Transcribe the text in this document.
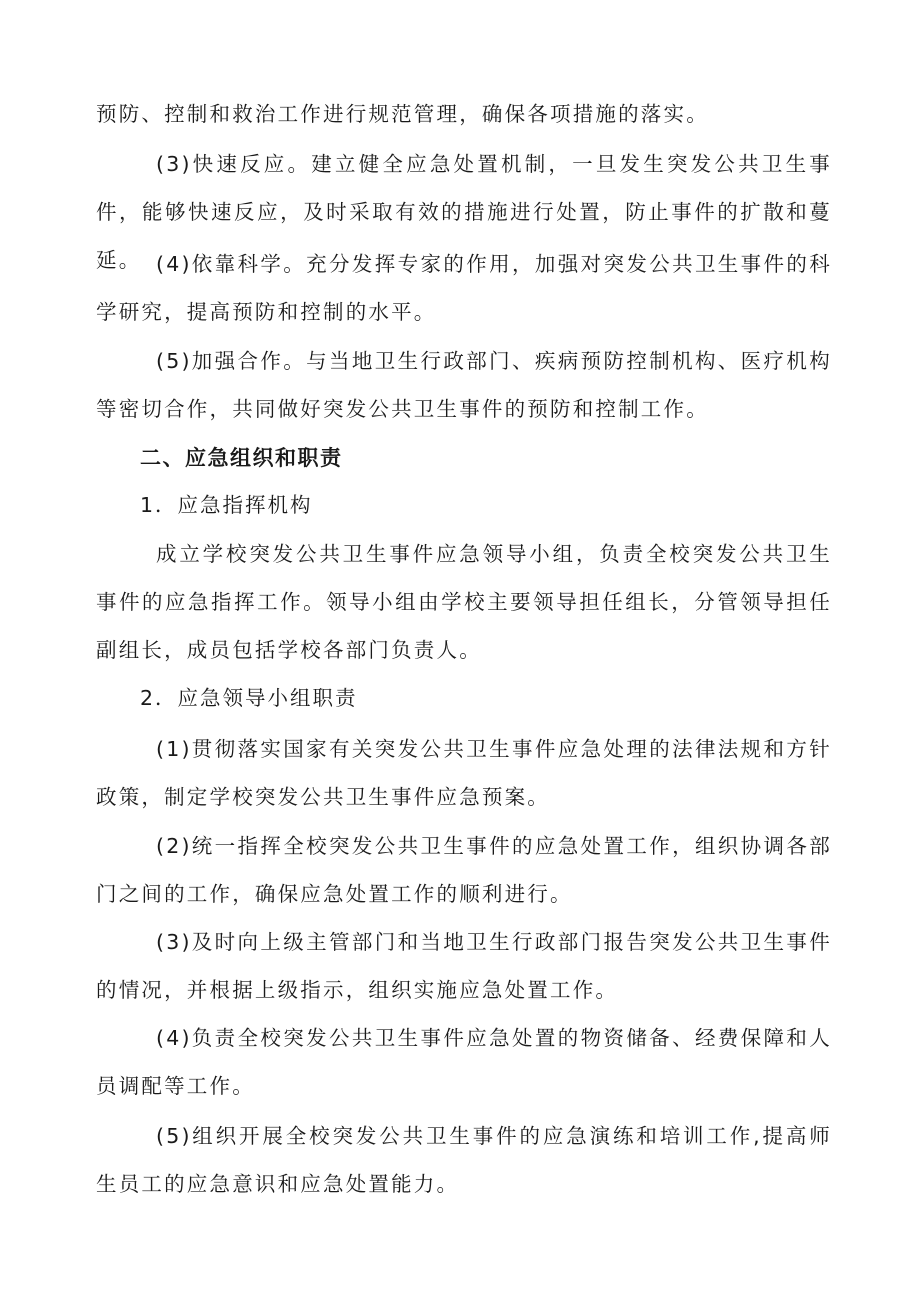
预防、控制和救治工作进行规范管理，确保各项措施的落实。

(3)快速反应。建立健全应急处置机制，一旦发生突发公共卫生事件，能够快速反应，及时采取有效的措施进行处置，防止事件的扩散和蔓延。 (4)依靠科学。充分发挥专家的作用，加强对突发公共卫生事件的科学研究，提高预防和控制的水平。

(5)加强合作。与当地卫生行政部门、疾病预防控制机构、医疗机构等密切合作，共同做好突发公共卫生事件的预防和控制工作。

二、应急组织和职责

1．应急指挥机构

成立学校突发公共卫生事件应急领导小组，负责全校突发公共卫生事件的应急指挥工作。领导小组由学校主要领导担任组长，分管领导担任副组长，成员包括学校各部门负责人。

2．应急领导小组职责

(1)贯彻落实国家有关突发公共卫生事件应急处理的法律法规和方针政策，制定学校突发公共卫生事件应急预案。

(2)统一指挥全校突发公共卫生事件的应急处置工作，组织协调各部门之间的工作，确保应急处置工作的顺利进行。

(3)及时向上级主管部门和当地卫生行政部门报告突发公共卫生事件的情况，并根据上级指示，组织实施应急处置工作。

(4)负责全校突发公共卫生事件应急处置的物资储备、经费保障和人员调配等工作。

(5)组织开展全校突发公共卫生事件的应急演练和培训工作,提高师生员工的应急意识和应急处置能力。
